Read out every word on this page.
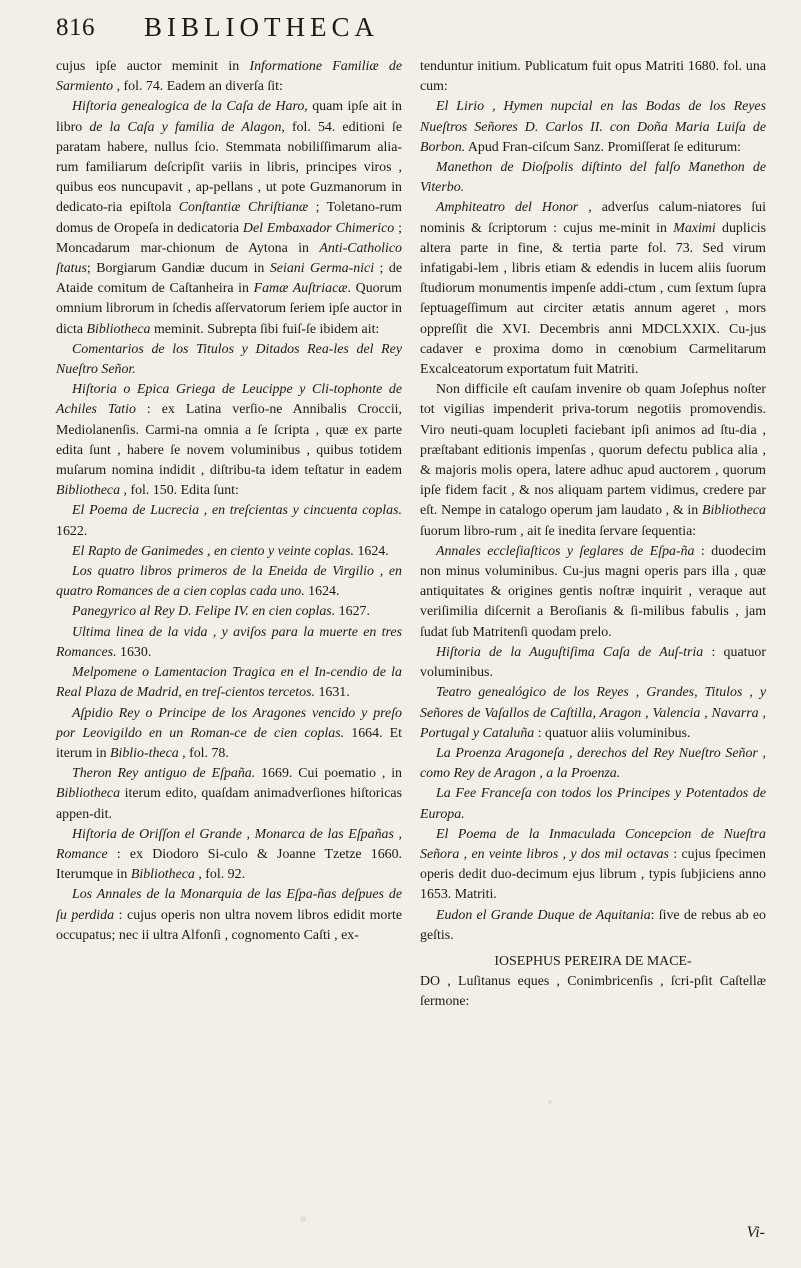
816 BIBLIOTHECA

cujus ipſe auctor meminit in Informatione Familiæ de Sarmiento , fol. 74. Eadem an diverſa ſit:

Hiſtoria genealogica de la Caſa de Haro, quam ipſe ait in libro de la Caſa y familia de Alagon, fol. 54. editioni ſe paratam habere, nullus ſcio. Stemmata nobiliſſimarum alia-rum familiarum deſcripſit variis in libris, principes viros , quibus eos nuncupavit , ap-pellans , ut pote Guzmanorum in dedicato-ria epiſtola Conſtantiæ Chriſtianæ ; Toletano-rum domus de Oropeſa in dedicatoria Del Embaxador Chimerico ; Moncadarum mar-chionum de Aytona in Anti-Catholico ſtatus; Borgiarum Gandiæ ducum in Seiani Germa-nici ; de Ataide comitum de Caſtanheira in Famæ Auſtriacæ. Quorum omnium librorum in ſchedis aſſervatorum ſeriem ipſe auctor in dicta Bibliotheca meminit. Subrepta ſibi fuiſ-ſe ibidem ait:

Comentarios de los Titulos y Ditados Rea-les del Rey Nueſtro Señor.

Hiſtoria o Epica Griega de Leucippe y Cli-tophonte de Achiles Tatio : ex Latina verſio-ne Annibalis Croccii, Mediolanenſis. Carmi-na omnia a ſe ſcripta , quæ ex parte edita ſunt , habere ſe novem voluminibus , quibus totidem muſarum nomina indidit , diſtribu-ta idem teſtatur in eadem Bibliotheca , fol. 150. Edita ſunt:

El Poema de Lucrecia , en treſcientas y cincuenta coplas. 1622.

El Rapto de Ganimedes , en ciento y veinte coplas. 1624.

Los quatro libros primeros de la Eneida de Virgilio , en quatro Romances de a cien coplas cada uno. 1624.

Panegyrico al Rey D. Felipe IV. en cien coplas. 1627.

Ultima linea de la vida , y aviſos para la muerte en tres Romances. 1630.

Melpomene o Lamentacion Tragica en el In-cendio de la Real Plaza de Madrid, en treſ-cientos tercetos. 1631.

Aſpidio Rey o Principe de los Aragones vencido y preſo por Leovigildo en un Roman-ce de cien coplas. 1664. Et iterum in Biblio-theca , fol. 78.

Theron Rey antiguo de Eſpaña. 1669. Cui poematio , in Bibliotheca iterum edito, quaſdam animadverſiones hiſtoricas appen-dit.

Hiſtoria de Oriſſon el Grande , Monarca de las Eſpañas , Romance : ex Diodoro Si-culo & Joanne Tzetze 1660. Iterumque in Bibliotheca , fol. 92.

Los Annales de la Monarquia de las Eſpa-ñas deſpues de ſu perdida : cujus operis non ultra novem libros edidit morte occupatus; nec ii ultra Alfonſi , cognomento Caſti , ex-

tenduntur initium. Publicatum fuit opus Matriti 1680. fol. una cum:

El Lirio , Hymen nupcial en las Bodas de los Reyes Nueſtros Señores D. Carlos II. con Doña Maria Luiſa de Borbon. Apud Fran-ciſcum Sanz. Promiſſerat ſe editurum:

Manethon de Dioſpolis diſtinto del falſo Manethon de Viterbo.

Amphiteatro del Honor , adverſus calum-niatores ſui nominis & ſcriptorum : cujus me-minit in Maximi duplicis altera parte in fine, & tertia parte fol. 73. Sed virum infatigabi-lem , libris etiam & edendis in lucem aliis ſuorum ſtudiorum monumentis impenſe addi-ctum , cum ſextum ſupra ſeptuageſſimum aut circiter ætatis annum ageret , mors oppreſſit die XVI. Decembris anni MDCLXXIX. Cu-jus cadaver e proxima domo in cœnobium Carmelitarum Excalceatorum exportatum fuit Matriti.

Non difficile eſt cauſam invenire ob quam Joſephus noſter tot vigilias impenderit priva-torum negotiis promovendis. Viro neuti-quam locupleti faciebant ipſi animos ad ſtu-dia , præſtabant editionis impenſas , quorum defectu publica alia , & majoris molis opera, latere adhuc apud auctorem , quorum ipſe fidem facit , & nos aliquam partem vidimus, credere par eſt. Nempe in catalogo operum jam laudato , & in Bibliotheca ſuorum libro-rum , ait ſe inedita ſervare ſequentia:

Annales eccleſiaſticos y ſeglares de Eſpa-ña : duodecim non minus voluminibus. Cu-jus magni operis pars illa , quæ antiquitates & origines gentis noſtræ inquirit , veraque aut veriſimilia diſcernit a Beroſianis & ſi-milibus fabulis , jam ſudat ſub Matritenſi quodam prelo.

Hiſtoria de la Auguſtiſima Caſa de Auſ-tria : quatuor voluminibus.

Teatro genealógico de los Reyes , Grandes, Titulos , y Señores de Vaſallos de Caſtilla, Aragon , Valencia , Navarra , Portugal y Cataluña : quatuor aliis voluminibus.

La Proenza Aragoneſa , derechos del Rey Nueſtro Señor , como Rey de Aragon , a la Proenza.

La Fee Franceſa con todos los Principes y Potentados de Europa.

El Poema de la Inmaculada Concepcion de Nueſtra Señora , en veinte libros , y dos mil octavas : cujus ſpecimen operis dedit duo-decimum ejus librum , typis ſubjiciens anno 1653. Matriti.

Eudon el Grande Duque de Aquitania: ſive de rebus ab eo geſtis.

IOSEPHUS PEREIRA DE MACE-

DO , Luſitanus eques , Conimbricenſis , ſcri-pſit Caſtellæ ſermone:

Vi-
